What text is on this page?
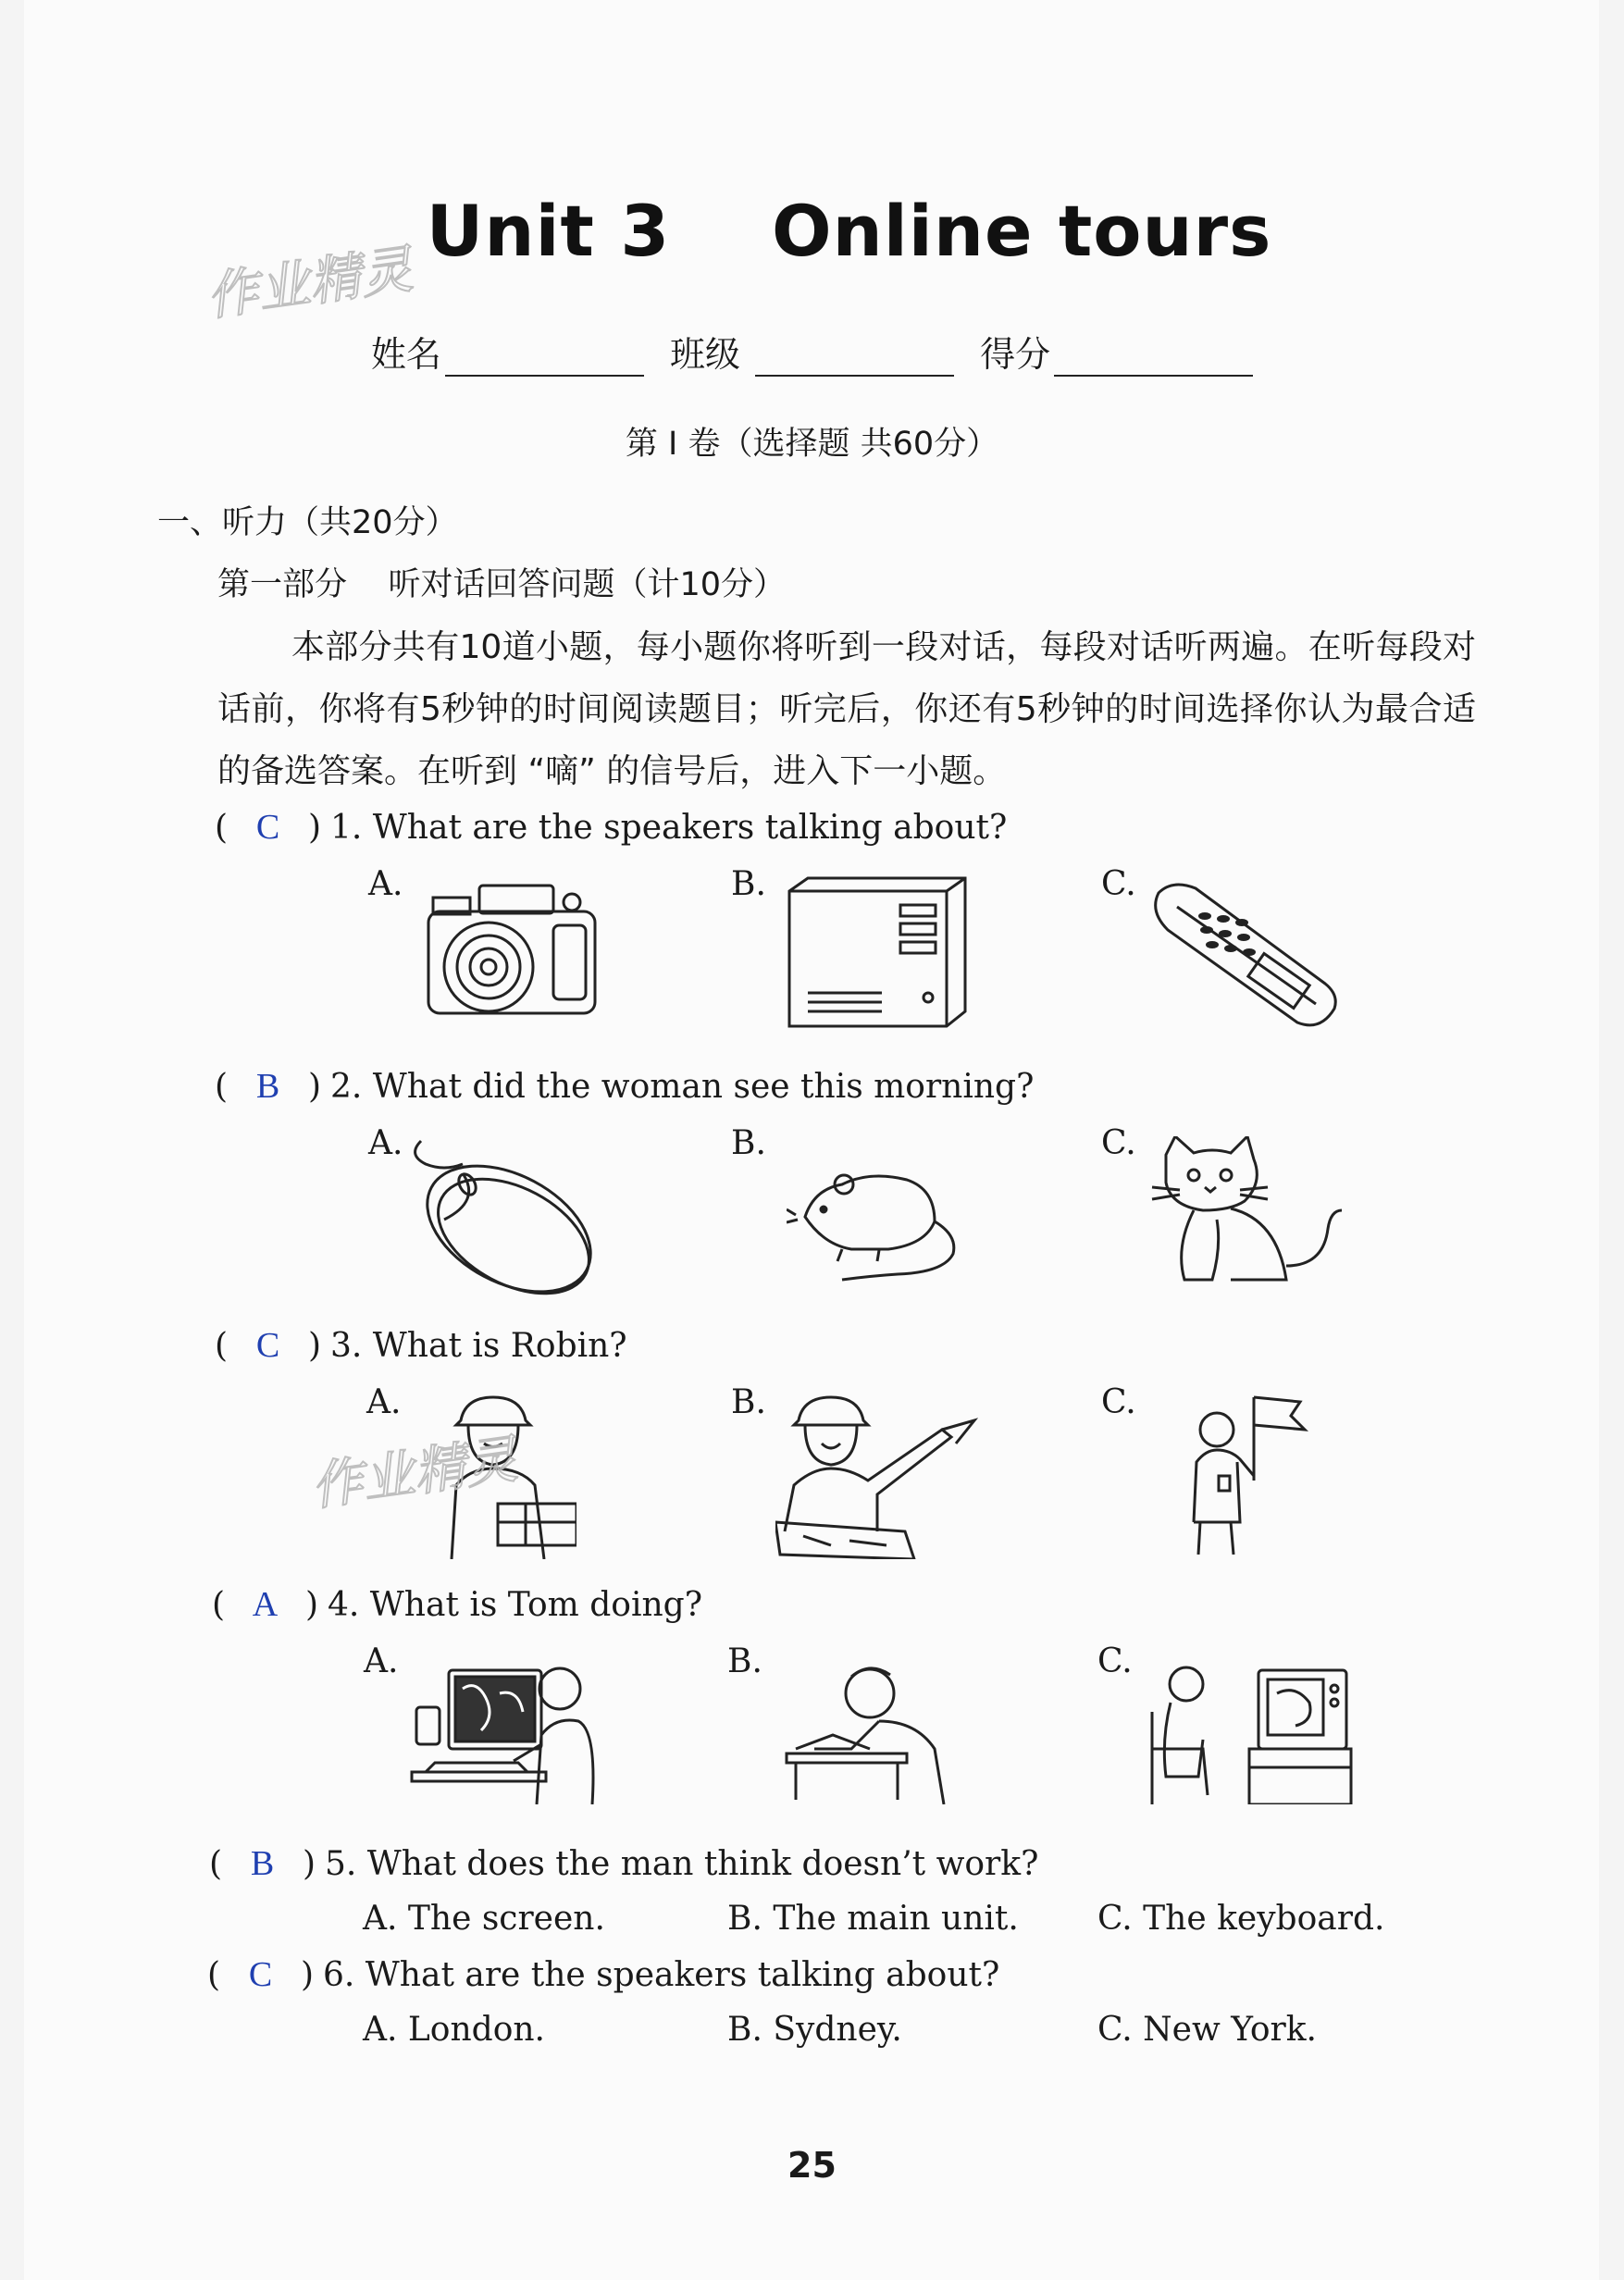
作业精灵
Unit 3    Online tours
姓名	班级	得分
第 I 卷（选择题 共60分）
一、听力（共20分）
第一部分    听对话回答问题（计10分）
本部分共有10道小题，每小题你将听到一段对话，每段对话听两遍。在听每段对话前，你将有5秒钟的时间阅读题目；听完后，你还有5秒钟的时间选择你认为最合适的备选答案。在听到 “嘀” 的信号后，进入下一小题。
( C ) 1. What are the speakers talking about?
A.	B.	C.
( B ) 2. What did the woman see this morning?
A.	B.	C.
( C ) 3. What is Robin?
A.	B.	C.
作业精灵
( A ) 4. What is Tom doing?
A.	B.	C.
( B ) 5. What does the man think doesn’t work?
A. The screen.	B. The main unit. C. The keyboard.
( C ) 6. What are the speakers talking about?
A. London.	B. Sydney.	C. New York.
25
